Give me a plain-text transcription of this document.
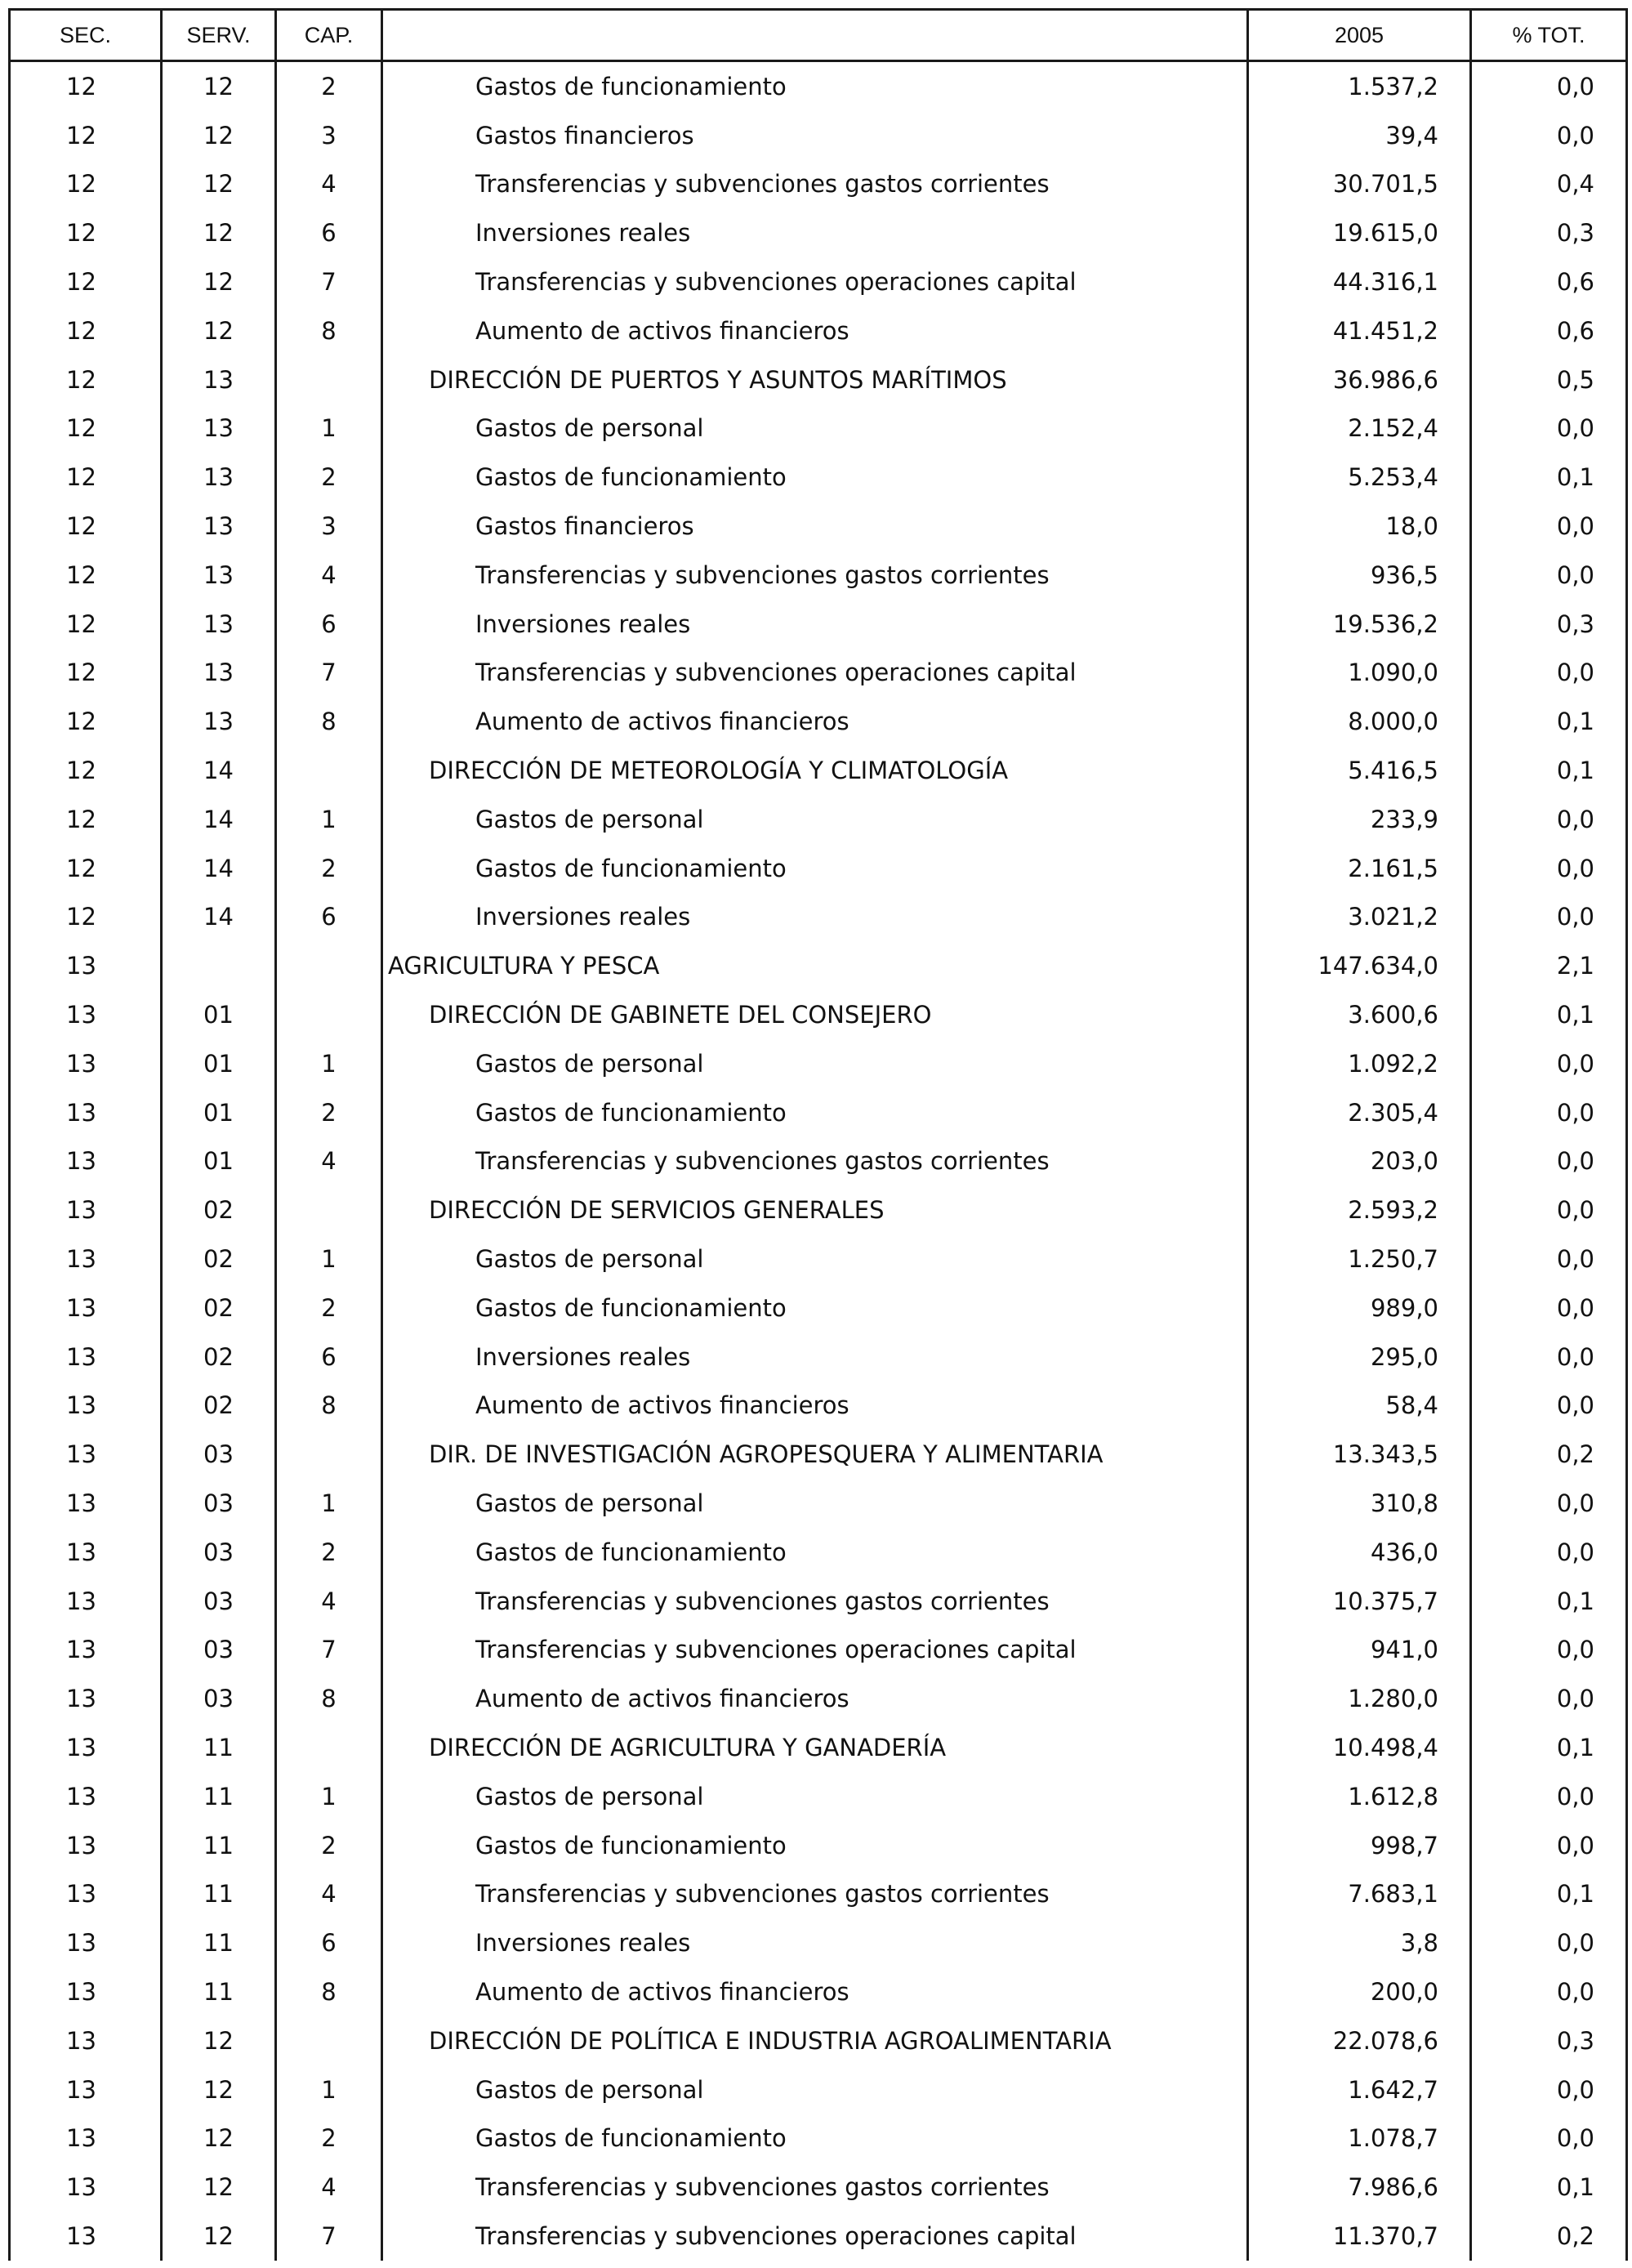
SEC.	SERV.	CAP.		2005	% TOT.
12	12	2	Gastos de funcionamiento	1.537,2	0,0
12	12	3	Gastos financieros	39,4	0,0
12	12	4	Transferencias y subvenciones gastos corrientes	30.701,5	0,4
12	12	6	Inversiones reales	19.615,0	0,3
12	12	7	Transferencias y subvenciones operaciones capital	44.316,1	0,6
12	12	8	Aumento de activos financieros	41.451,2	0,6
12	13		DIRECCIÓN DE PUERTOS Y ASUNTOS MARÍTIMOS	36.986,6	0,5
12	13	1	Gastos de personal	2.152,4	0,0
12	13	2	Gastos de funcionamiento	5.253,4	0,1
12	13	3	Gastos financieros	18,0	0,0
12	13	4	Transferencias y subvenciones gastos corrientes	936,5	0,0
12	13	6	Inversiones reales	19.536,2	0,3
12	13	7	Transferencias y subvenciones operaciones capital	1.090,0	0,0
12	13	8	Aumento de activos financieros	8.000,0	0,1
12	14		DIRECCIÓN DE METEOROLOGÍA Y CLIMATOLOGÍA	5.416,5	0,1
12	14	1	Gastos de personal	233,9	0,0
12	14	2	Gastos de funcionamiento	2.161,5	0,0
12	14	6	Inversiones reales	3.021,2	0,0
13			AGRICULTURA Y PESCA	147.634,0	2,1
13	01		DIRECCIÓN DE GABINETE DEL CONSEJERO	3.600,6	0,1
13	01	1	Gastos de personal	1.092,2	0,0
13	01	2	Gastos de funcionamiento	2.305,4	0,0
13	01	4	Transferencias y subvenciones gastos corrientes	203,0	0,0
13	02		DIRECCIÓN DE SERVICIOS GENERALES	2.593,2	0,0
13	02	1	Gastos de personal	1.250,7	0,0
13	02	2	Gastos de funcionamiento	989,0	0,0
13	02	6	Inversiones reales	295,0	0,0
13	02	8	Aumento de activos financieros	58,4	0,0
13	03		DIR. DE INVESTIGACIÓN AGROPESQUERA Y ALIMENTARIA	13.343,5	0,2
13	03	1	Gastos de personal	310,8	0,0
13	03	2	Gastos de funcionamiento	436,0	0,0
13	03	4	Transferencias y subvenciones gastos corrientes	10.375,7	0,1
13	03	7	Transferencias y subvenciones operaciones capital	941,0	0,0
13	03	8	Aumento de activos financieros	1.280,0	0,0
13	11		DIRECCIÓN DE AGRICULTURA Y GANADERÍA	10.498,4	0,1
13	11	1	Gastos de personal	1.612,8	0,0
13	11	2	Gastos de funcionamiento	998,7	0,0
13	11	4	Transferencias y subvenciones gastos corrientes	7.683,1	0,1
13	11	6	Inversiones reales	3,8	0,0
13	11	8	Aumento de activos financieros	200,0	0,0
13	12		DIRECCIÓN DE POLÍTICA E INDUSTRIA AGROALIMENTARIA	22.078,6	0,3
13	12	1	Gastos de personal	1.642,7	0,0
13	12	2	Gastos de funcionamiento	1.078,7	0,0
13	12	4	Transferencias y subvenciones gastos corrientes	7.986,6	0,1
13	12	7	Transferencias y subvenciones operaciones capital	11.370,7	0,2
